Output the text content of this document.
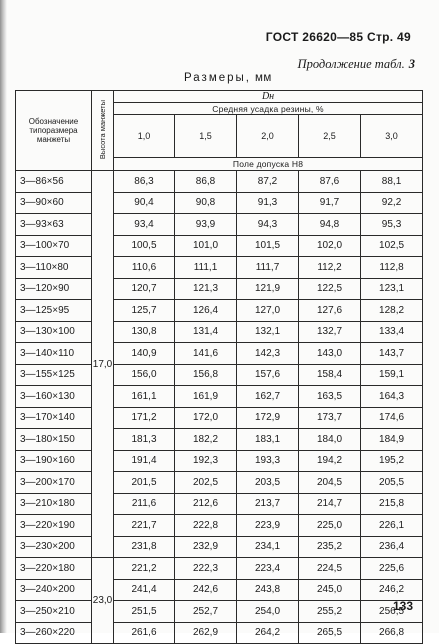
ГОСТ 26620—85 Стр. 49
Продолжение табл. 3
Размеры, мм
Обозначение типоразмера манжеты	Высота манжеты	Dн				
		Средняя усадка резины, %				
		1,0	1,5	2,0	2,5	3,0
		Поле допуска Н8				
3—86×56	17,0	86,3	86,8	87,2	87,6	88,1
3—90×60		90,4	90,8	91,3	91,7	92,2
3—93×63		93,4	93,9	94,3	94,8	95,3
3—100×70		100,5	101,0	101,5	102,0	102,5
3—110×80		110,6	111,1	111,7	112,2	112,8
3—120×90		120,7	121,3	121,9	122,5	123,1
3—125×95		125,7	126,4	127,0	127,6	128,2
3—130×100		130,8	131,4	132,1	132,7	133,4
3—140×110		140,9	141,6	142,3	143,0	143,7
3—155×125		156,0	156,8	157,6	158,4	159,1
3—160×130		161,1	161,9	162,7	163,5	164,3
3—170×140		171,2	172,0	172,9	173,7	174,6
3—180×150		181,3	182,2	183,1	184,0	184,9
3—190×160		191,4	192,3	193,3	194,2	195,2
3—200×170		201,5	202,5	203,5	204,5	205,5
3—210×180		211,6	212,6	213,7	214,7	215,8
3—220×190		221,7	222,8	223,9	225,0	226,1
3—230×200		231,8	232,9	234,1	235,2	236,4
3—220×180	23,0	221,2	222,3	223,4	224,5	225,6
3—240×200		241,4	242,6	243,8	245,0	246,2
3—250×210		251,5	252,7	254,0	255,2	256,5
3—260×220		261,6	262,9	264,2	265,5	266,8
133
